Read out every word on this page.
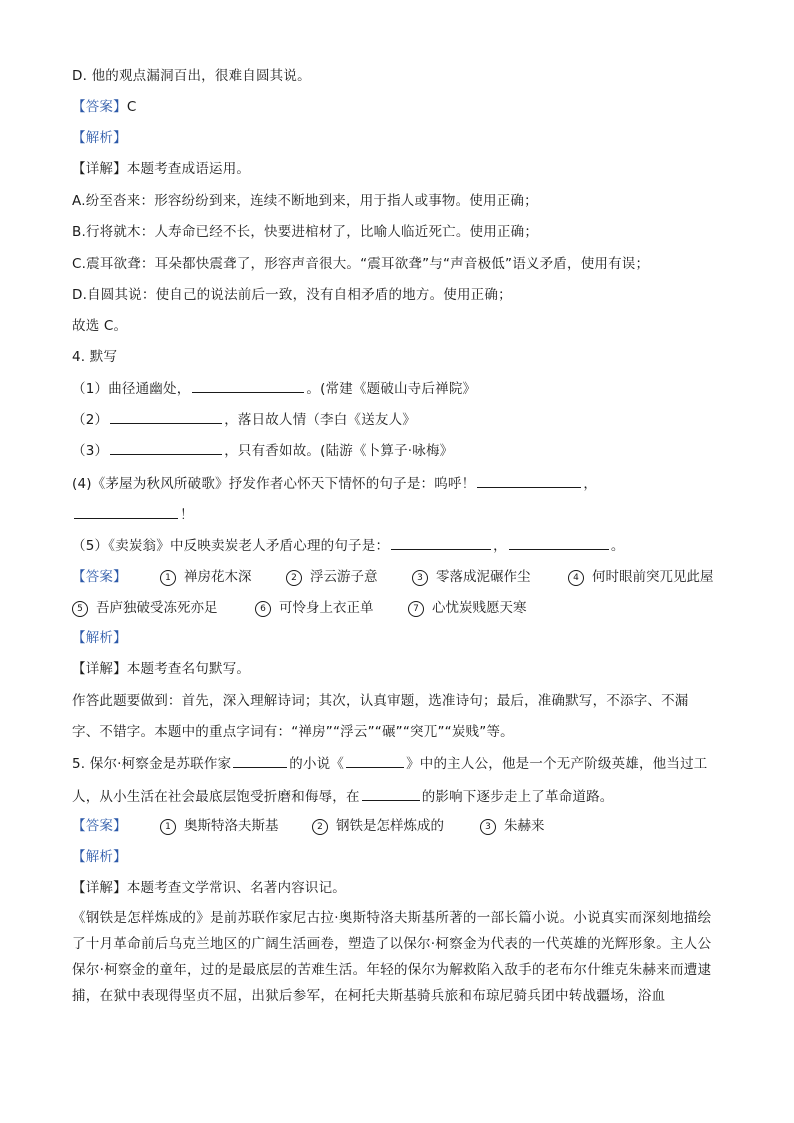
D. 他的观点漏洞百出，很难自圆其说。
【答案】C
【解析】
【详解】本题考查成语运用。
A.纷至沓来：形容纷纷到来，连续不断地到来，用于指人或事物。使用正确；
B.行将就木：人寿命已经不长，快要进棺材了，比喻人临近死亡。使用正确；
C.震耳欲聋：耳朵都快震聋了，形容声音很大。“震耳欲聋”与“声音极低”语义矛盾，使用有误；
D.自圆其说：使自己的说法前后一致，没有自相矛盾的地方。使用正确；
故选 C。
4. 默写
（1）曲径通幽处，	。(常建《题破山寺后禅院》
（2）	，落日故人情（李白《送友人》
（3）	，只有香如故。(陆游《卜算子·咏梅》
(4)《茅屋为秋风所破歌》抒发作者心怀天下情怀的句子是：呜呼！	，
！
（5）《卖炭翁》中反映卖炭老人矛盾心理的句子是：	，	。
【答案】	1 禅房花木深	2 浮云游子意	3 零落成泥碾作尘	4 何时眼前突兀见此屋
5 吾庐独破受冻死亦足	6 可怜身上衣正单	7 心忧炭贱愿天寒
【解析】
【详解】本题考查名句默写。
作答此题要做到：首先，深入理解诗词；其次，认真审题，选准诗句；最后，准确默写，不添字、不漏
字、不错字。本题中的重点字词有：“禅房”“浮云”“碾”“突兀”“炭贱”等。
5. 保尔·柯察金是苏联作家	的小说《	》中的主人公，他是一个无产阶级英雄，他当过工
人，从小生活在社会最底层饱受折磨和侮辱，在	的影响下逐步走上了革命道路。
【答案】	1 奥斯特洛夫斯基	2 钢铁是怎样炼成的	3 朱赫来
【解析】
【详解】本题考查文学常识、名著内容识记。
《钢铁是怎样炼成的》是前苏联作家尼古拉·奥斯特洛夫斯基所著的一部长篇小说。小说真实而深刻地描绘了十月革命前后乌克兰地区的广阔生活画卷，塑造了以保尔·柯察金为代表的一代英雄的光辉形象。主人公保尔·柯察金的童年，过的是最底层的苦难生活。年轻的保尔为解救陷入敌手的老布尔什维克朱赫来而遭逮捕，在狱中表现得坚贞不屈，出狱后参军，在柯托夫斯基骑兵旅和布琼尼骑兵团中转战疆场，浴血
